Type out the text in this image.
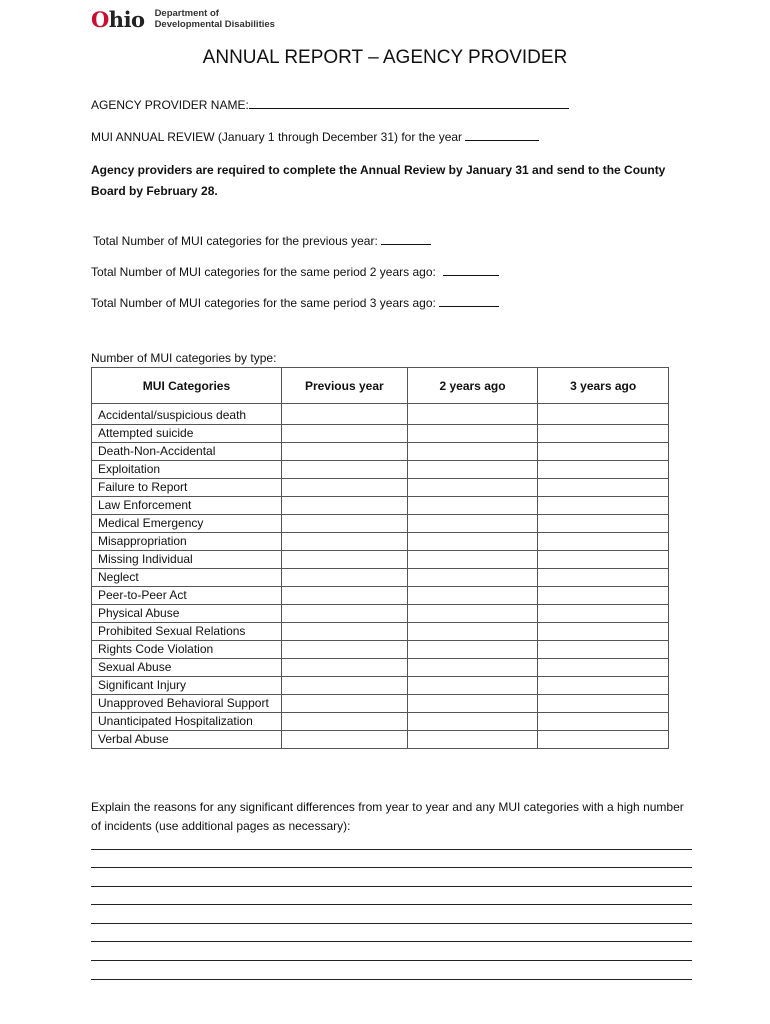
Ohio Department of
Developmental Disabilities
ANNUAL REPORT – AGENCY PROVIDER
AGENCY PROVIDER NAME:
MUI ANNUAL REVIEW (January 1 through December 31) for the year
Agency providers are required to complete the Annual Review by January 31 and send to the County Board by February 28.
Total Number of MUI categories for the previous year:
Total Number of MUI categories for the same period 2 years ago:
Total Number of MUI categories for the same period 3 years ago:
Number of MUI categories by type:
MUI Categories	Previous year	2 years ago	3 years ago
Accidental/suspicious death			
Attempted suicide			
Death-Non-Accidental			
Exploitation			
Failure to Report			
Law Enforcement			
Medical Emergency			
Misappropriation			
Missing Individual			
Neglect			
Peer-to-Peer Act			
Physical Abuse			
Prohibited Sexual Relations			
Rights Code Violation			
Sexual Abuse			
Significant Injury			
Unapproved Behavioral Support			
Unanticipated Hospitalization			
Verbal Abuse			
Explain the reasons for any significant differences from year to year and any MUI categories with a high number of incidents (use additional pages as necessary):
